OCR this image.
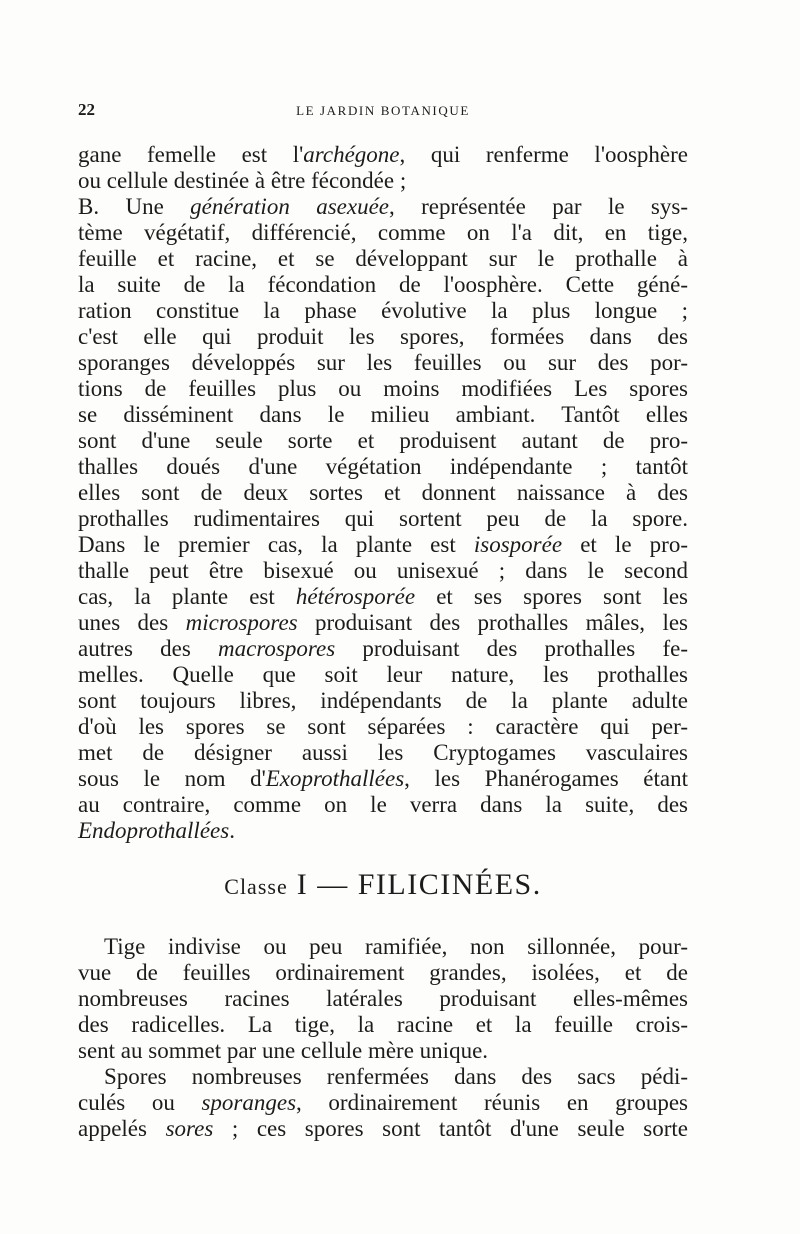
22	LE JARDIN BOTANIQUE
gane femelle est l'archégone, qui renferme l'oosphère
ou cellule destinée à être fécondée ;
B. Une génération asexuée, représentée par le sys-
tème végétatif, différencié, comme on l'a dit, en tige,
feuille et racine, et se développant sur le prothalle à
la suite de la fécondation de l'oosphère. Cette géné-
ration constitue la phase évolutive la plus longue ;
c'est elle qui produit les spores, formées dans des
sporanges développés sur les feuilles ou sur des por-
tions de feuilles plus ou moins modifiées Les spores
se disséminent dans le milieu ambiant. Tantôt elles
sont d'une seule sorte et produisent autant de pro-
thalles doués d'une végétation indépendante ; tantôt
elles sont de deux sortes et donnent naissance à des
prothalles rudimentaires qui sortent peu de la spore.
Dans le premier cas, la plante est isosporée et le pro-
thalle peut être bisexué ou unisexué ; dans le second
cas, la plante est hétérosporée et ses spores sont les
unes des microspores produisant des prothalles mâles, les
autres des macrospores produisant des prothalles fe-
melles. Quelle que soit leur nature, les prothalles
sont toujours libres, indépendants de la plante adulte
d'où les spores se sont séparées : caractère qui per-
met de désigner aussi les Cryptogames vasculaires
sous le nom d'Exoprothallées, les Phanérogames étant
au contraire, comme on le verra dans la suite, des
Endoprothallées.
Classe I — FILICINÉES.
Tige indivise ou peu ramifiée, non sillonnée, pour-
vue de feuilles ordinairement grandes, isolées, et de
nombreuses racines latérales produisant elles-mêmes
des radicelles. La tige, la racine et la feuille crois-
sent au sommet par une cellule mère unique.
Spores nombreuses renfermées dans des sacs pédi-
culés ou sporanges, ordinairement réunis en groupes
appelés sores ; ces spores sont tantôt d'une seule sorte
